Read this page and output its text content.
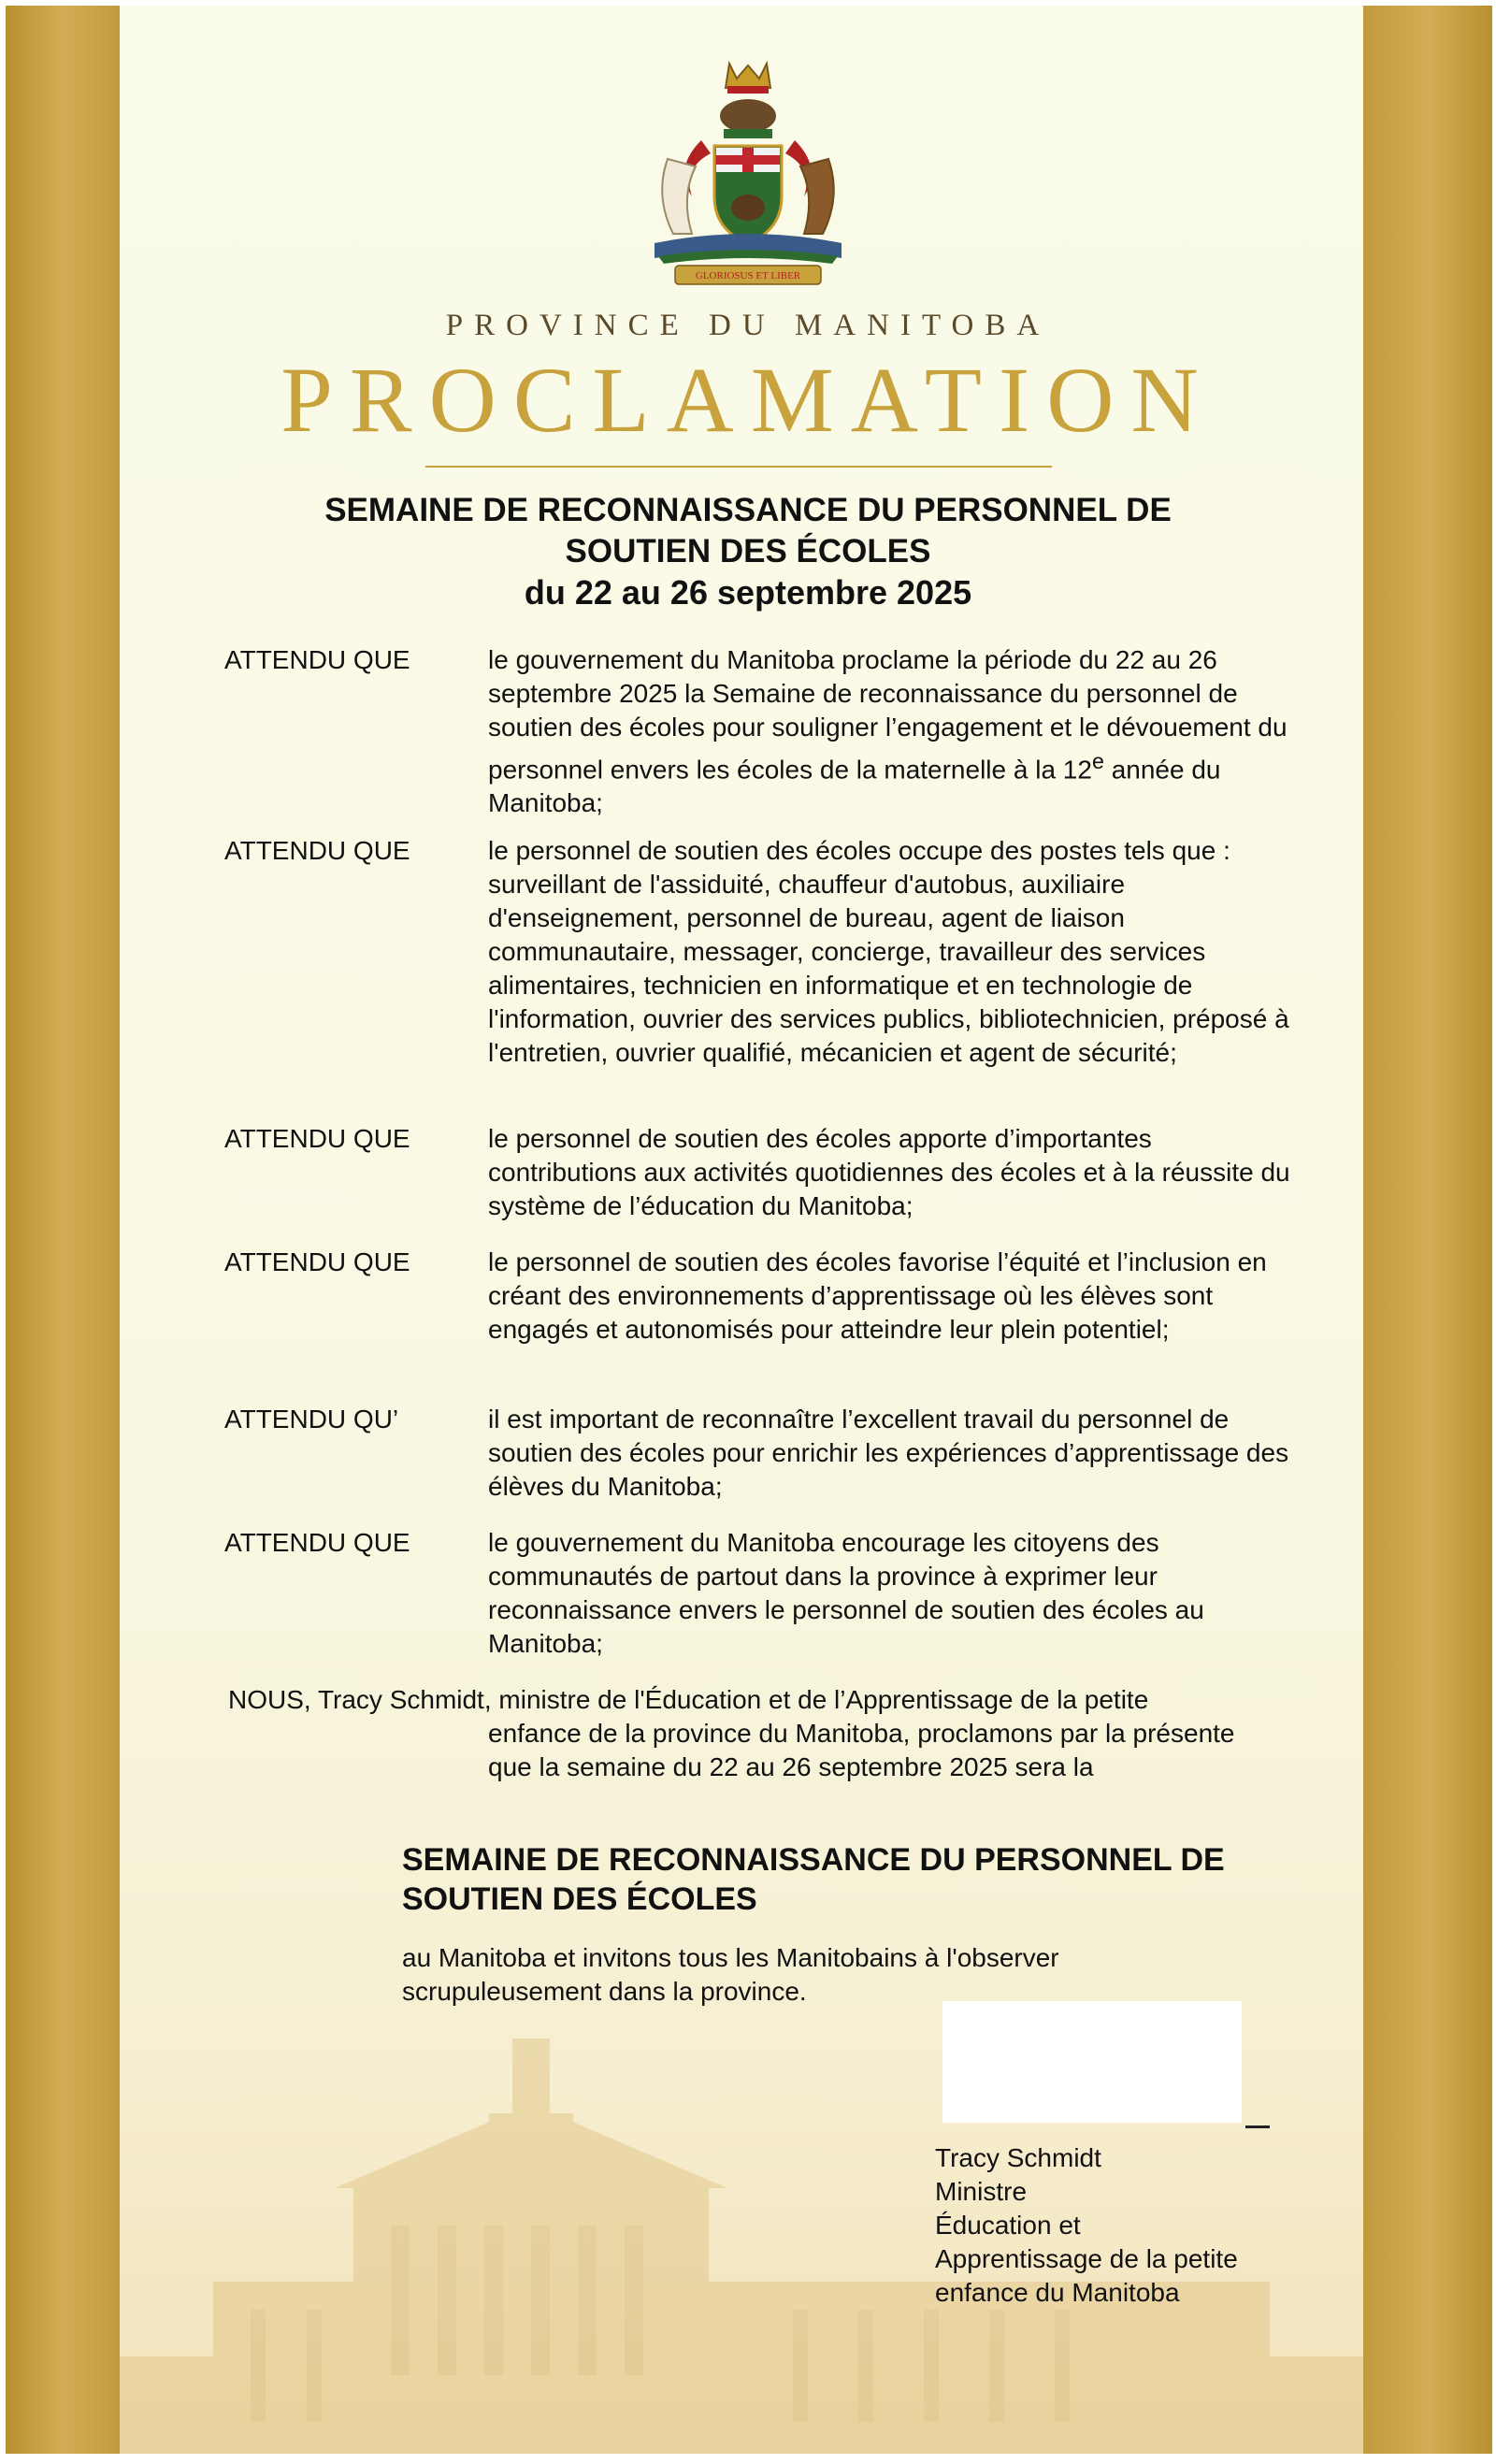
GLORIOSUS ET LIBER
PROVINCE DU MANITOBA
PROCLAMATION
SEMAINE DE RECONNAISSANCE DU PERSONNEL DE
SOUTIEN DES ÉCOLES
du 22 au 26 septembre 2025
ATTENDU QUE	le gouvernement du Manitoba proclame la période du 22 au 26 septembre 2025 la Semaine de reconnaissance du personnel de soutien des écoles pour souligner l’engagement et le dévouement du personnel envers les écoles de la maternelle à la 12e année du Manitoba;
ATTENDU QUE	le personnel de soutien des écoles occupe des postes tels que : surveillant de l'assiduité, chauffeur d'autobus, auxiliaire d'enseignement, personnel de bureau, agent de liaison communautaire, messager, concierge, travailleur des services alimentaires, technicien en informatique et en technologie de l'information, ouvrier des services publics, bibliotechnicien, préposé à l'entretien, ouvrier qualifié, mécanicien et agent de sécurité;
ATTENDU QUE	le personnel de soutien des écoles apporte d’importantes contributions aux activités quotidiennes des écoles et à la réussite du système de l’éducation du Manitoba;
ATTENDU QUE	le personnel de soutien des écoles favorise l’équité et l’inclusion en créant des environnements d’apprentissage où les élèves sont engagés et autonomisés pour atteindre leur plein potentiel;
ATTENDU QU’	il est important de reconnaître l’excellent travail du personnel de soutien des écoles pour enrichir les expériences d’apprentissage des élèves du Manitoba;
ATTENDU QUE	le gouvernement du Manitoba encourage les citoyens des communautés de partout dans la province à exprimer leur reconnaissance envers le personnel de soutien des écoles au Manitoba;
NOUS, Tracy Schmidt, ministre de l'Éducation et de l’Apprentissage de la petite
enfance de la province du Manitoba, proclamons par la présente que la semaine du 22 au 26 septembre 2025 sera la
SEMAINE DE RECONNAISSANCE DU PERSONNEL DE SOUTIEN DES ÉCOLES
au Manitoba et invitons tous les Manitobains à l'observer scrupuleusement dans la province.
Tracy Schmidt
Ministre
Éducation et
Apprentissage de la petite
enfance du Manitoba
